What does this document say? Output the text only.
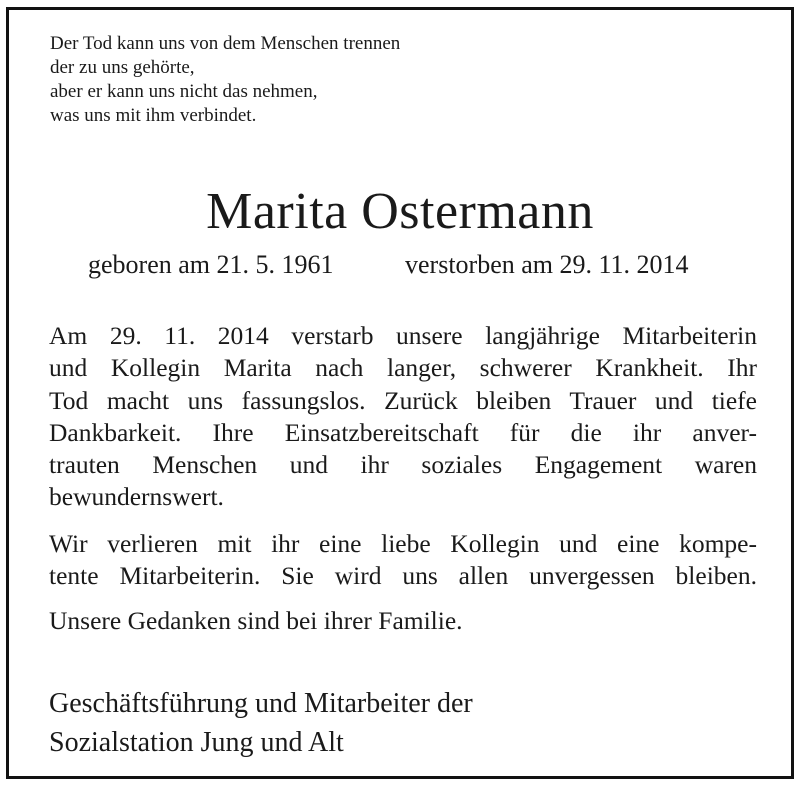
Der Tod kann uns von dem Menschen trennen
der zu uns gehörte,
aber er kann uns nicht das nehmen,
was uns mit ihm verbindet.
Marita Ostermann
geboren am 21. 5. 1961	verstorben am 29. 11. 2014
Am 29. 11. 2014 verstarb unsere langjährige Mitarbeiterin
und Kollegin Marita nach langer, schwerer Krankheit. Ihr
Tod macht uns fassungslos. Zurück bleiben Trauer und tiefe
Dankbarkeit. Ihre Einsatzbereitschaft für die ihr anver-
trauten Menschen und ihr soziales Engagement waren
bewundernswert.
Wir verlieren mit ihr eine liebe Kollegin und eine kompe-
tente Mitarbeiterin. Sie wird uns allen unvergessen bleiben.
Unsere Gedanken sind bei ihrer Familie.
Geschäftsführung und Mitarbeiter der
Sozialstation Jung und Alt
